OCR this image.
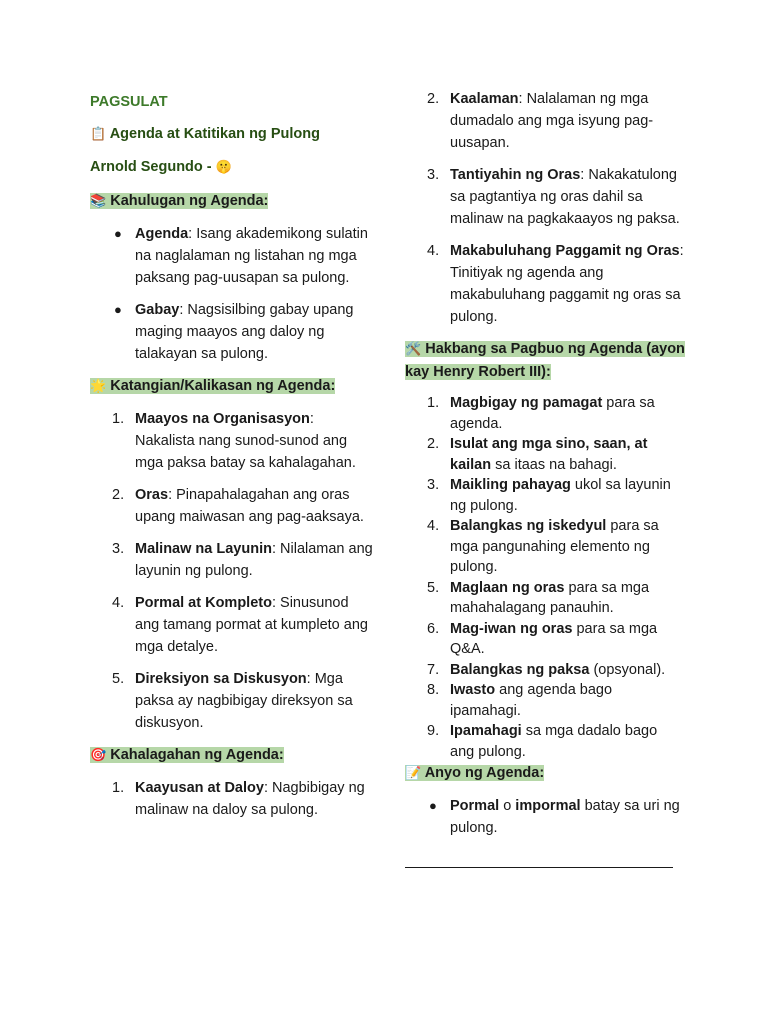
PAGSULAT
📋 Agenda at Katitikan ng Pulong
Arnold Segundo - 🤫
📚 Kahulugan ng Agenda:
● Agenda: Isang akademikong sulatin na naglalaman ng listahan ng mga paksang pag-uusapan sa pulong.
● Gabay: Nagsisilbing gabay upang maging maayos ang daloy ng talakayan sa pulong.
🌟 Katangian/Kalikasan ng Agenda:
1. Maayos na Organisasyon: Nakalista nang sunod-sunod ang mga paksa batay sa kahalagahan.
2. Oras: Pinapahalagahan ang oras upang maiwasan ang pag-aaksaya.
3. Malinaw na Layunin: Nilalaman ang layunin ng pulong.
4. Pormal at Kompleto: Sinusunod ang tamang pormat at kumpleto ang mga detalye.
5. Direksiyon sa Diskusyon: Mga paksa ay nagbibigay direksyon sa diskusyon.
🎯 Kahalagahan ng Agenda:
1. Kaayusan at Daloy: Nagbibigay ng malinaw na daloy sa pulong.
2. Kaalaman: Nalalaman ng mga dumadalo ang mga isyung pag-uusapan.
3. Tantiyahin ng Oras: Nakakatulong sa pagtantiya ng oras dahil sa malinaw na pagkakaayos ng paksa.
4. Makabuluhang Paggamit ng Oras: Tinitiyak ng agenda ang makabuluhang paggamit ng oras sa pulong.
🛠️ Hakbang sa Pagbuo ng Agenda (ayon kay Henry Robert III):
1. Magbigay ng pamagat para sa agenda.
2. Isulat ang mga sino, saan, at kailan sa itaas na bahagi.
3. Maikling pahayag ukol sa layunin ng pulong.
4. Balangkas ng iskedyul para sa mga pangunahing elemento ng pulong.
5. Maglaan ng oras para sa mga mahahalagang panauhin.
6. Mag-iwan ng oras para sa mga Q&A.
7. Balangkas ng paksa (opsyonal).
8. Iwasto ang agenda bago ipamahagi.
9. Ipamahagi sa mga dadalo bago ang pulong.
📝 Anyo ng Agenda:
● Pormal o impormal batay sa uri ng pulong.
